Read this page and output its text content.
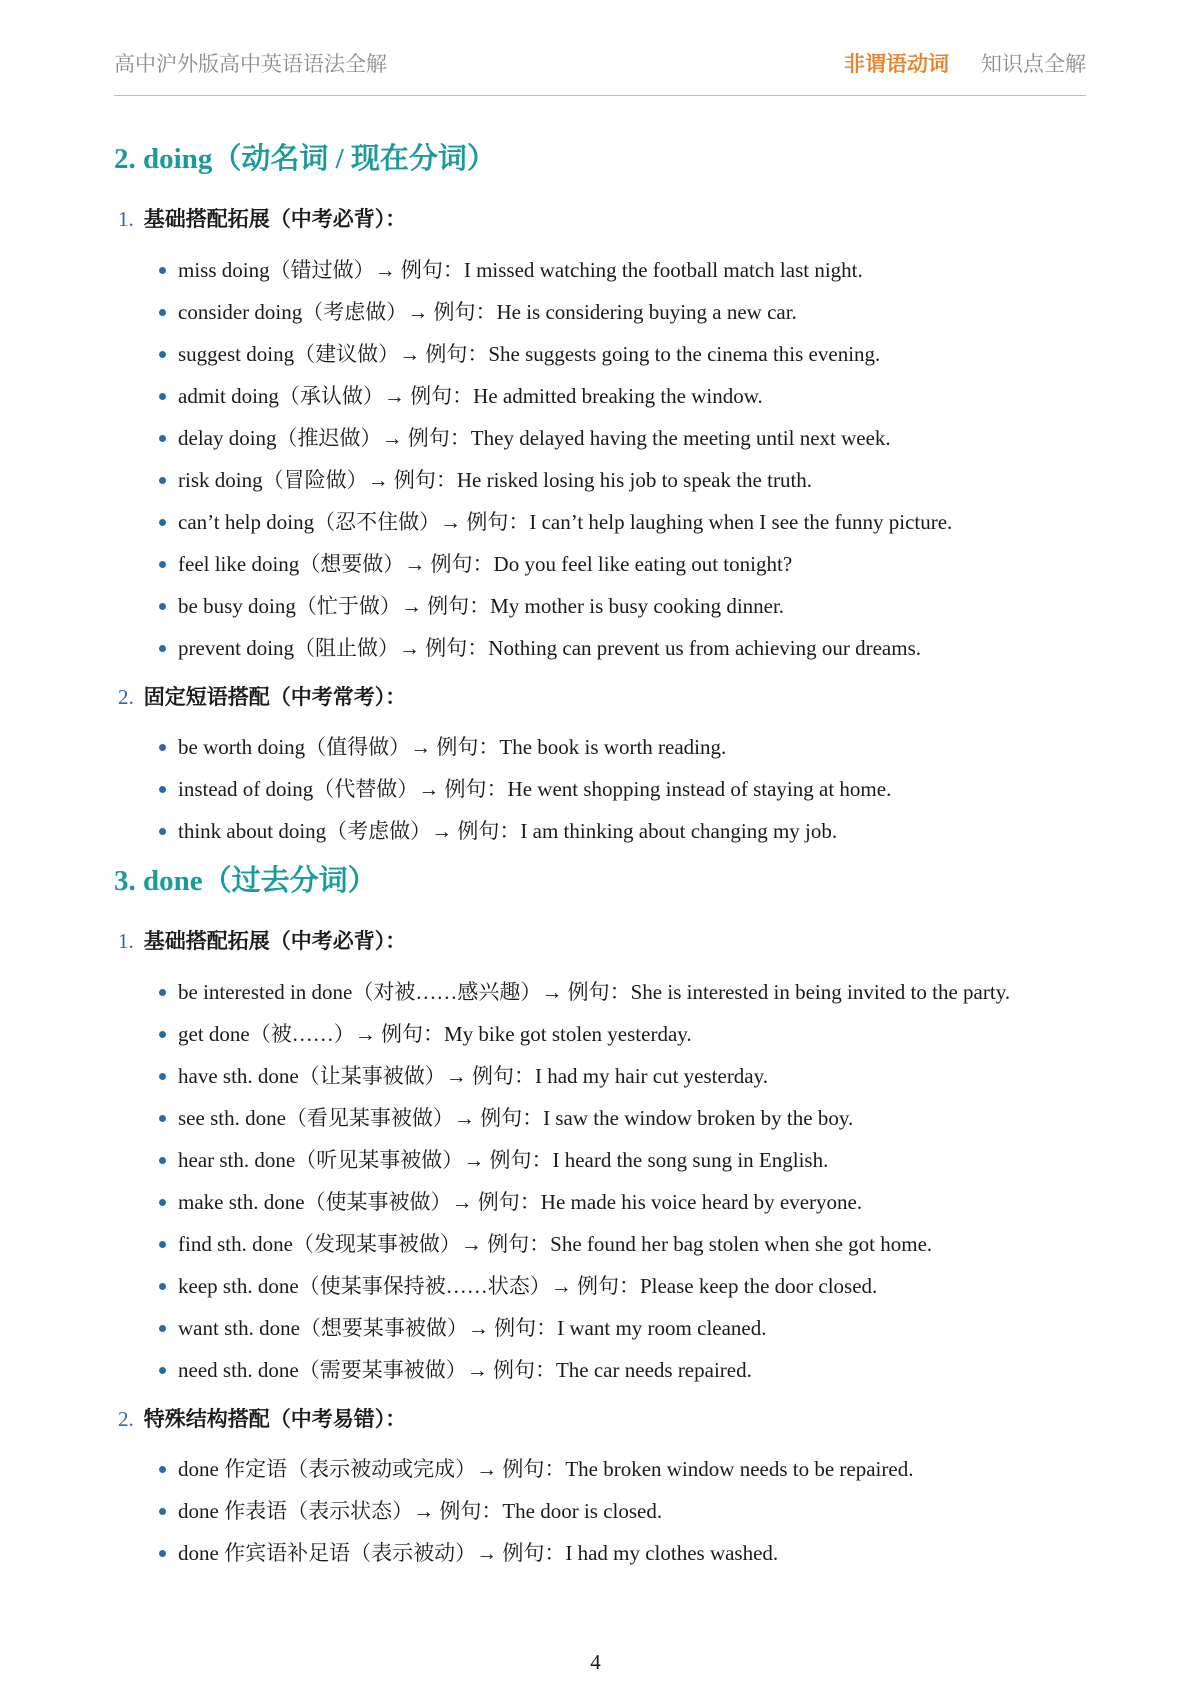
高中沪外版高中英语语法全解	非谓语动词 知识点全解
2. doing（动名词 / 现在分词）
1. 基础搭配拓展（中考必背）：
miss doing（错过做）→ 例句：I missed watching the football match last night.
consider doing（考虑做）→ 例句：He is considering buying a new car.
suggest doing（建议做）→ 例句：She suggests going to the cinema this evening.
admit doing（承认做）→ 例句：He admitted breaking the window.
delay doing（推迟做）→ 例句：They delayed having the meeting until next week.
risk doing（冒险做）→ 例句：He risked losing his job to speak the truth.
can’t help doing（忍不住做）→ 例句：I can’t help laughing when I see the funny picture.
feel like doing（想要做）→ 例句：Do you feel like eating out tonight?
be busy doing（忙于做）→ 例句：My mother is busy cooking dinner.
prevent doing（阻止做）→ 例句：Nothing can prevent us from achieving our dreams.
2. 固定短语搭配（中考常考）：
be worth doing（值得做）→ 例句：The book is worth reading.
instead of doing（代替做）→ 例句：He went shopping instead of staying at home.
think about doing（考虑做）→ 例句：I am thinking about changing my job.
3. done（过去分词）
1. 基础搭配拓展（中考必背）：
be interested in done（对被……感兴趣）→ 例句：She is interested in being invited to the party.
get done（被……）→ 例句：My bike got stolen yesterday.
have sth. done（让某事被做）→ 例句：I had my hair cut yesterday.
see sth. done（看见某事被做）→ 例句：I saw the window broken by the boy.
hear sth. done（听见某事被做）→ 例句：I heard the song sung in English.
make sth. done（使某事被做）→ 例句：He made his voice heard by everyone.
find sth. done（发现某事被做）→ 例句：She found her bag stolen when she got home.
keep sth. done（使某事保持被……状态）→ 例句：Please keep the door closed.
want sth. done（想要某事被做）→ 例句：I want my room cleaned.
need sth. done（需要某事被做）→ 例句：The car needs repaired.
2. 特殊结构搭配（中考易错）：
done 作定语（表示被动或完成）→ 例句：The broken window needs to be repaired.
done 作表语（表示状态）→ 例句：The door is closed.
done 作宾语补足语（表示被动）→ 例句：I had my clothes washed.
4
